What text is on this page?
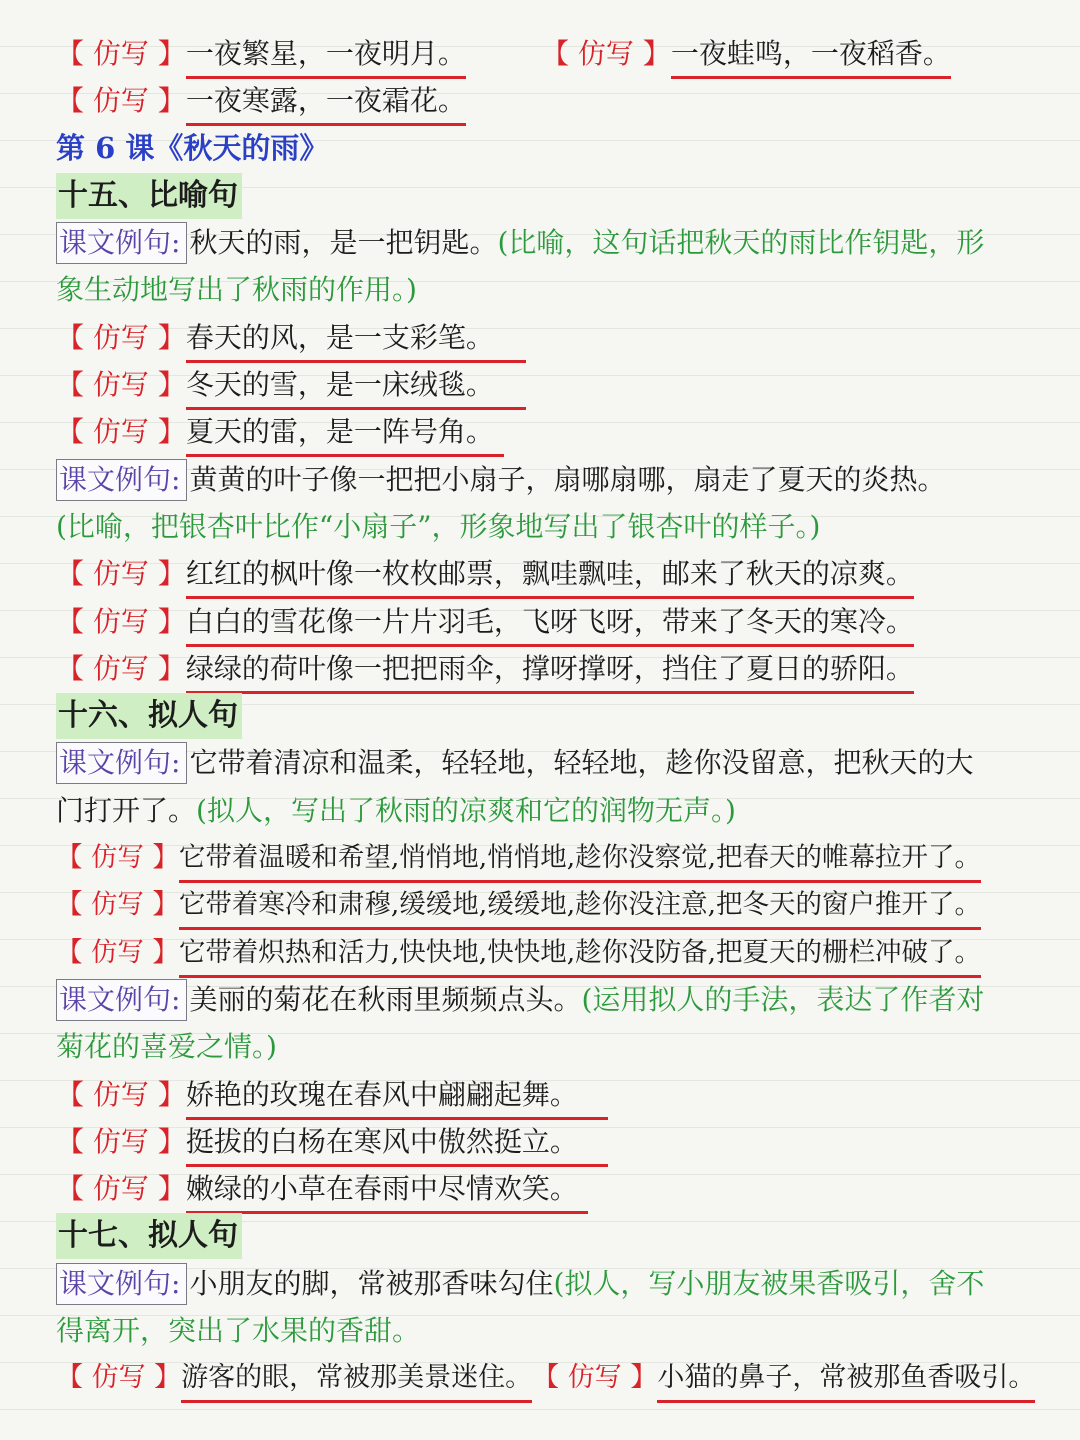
【 仿写 】一夜繁星，一夜明月。	【 仿写 】一夜蛙鸣，一夜稻香。
【 仿写 】一夜寒露，一夜霜花。
第 6 课《秋天的雨》
十五、比喻句
课文例句: 秋天的雨，是一把钥匙。(比喻，这句话把秋天的雨比作钥匙，形
象生动地写出了秋雨的作用。)
【 仿写 】春天的风，是一支彩笔。
【 仿写 】冬天的雪，是一床绒毯。
【 仿写 】夏天的雷，是一阵号角。
课文例句: 黄黄的叶子像一把把小扇子，扇哪扇哪，扇走了夏天的炎热。
(比喻，把银杏叶比作“小扇子”，形象地写出了银杏叶的样子。)
【 仿写 】红红的枫叶像一枚枚邮票，飘哇飘哇，邮来了秋天的凉爽。
【 仿写 】白白的雪花像一片片羽毛，飞呀飞呀，带来了冬天的寒冷。
【 仿写 】绿绿的荷叶像一把把雨伞，撑呀撑呀，挡住了夏日的骄阳。
十六、拟人句
课文例句: 它带着清凉和温柔，轻轻地，轻轻地，趁你没留意，把秋天的大
门打开了。(拟人，写出了秋雨的凉爽和它的润物无声。)
【 仿写 】它带着温暖和希望,悄悄地,悄悄地,趁你没察觉,把春天的帷幕拉开了。
【 仿写 】它带着寒冷和肃穆,缓缓地,缓缓地,趁你没注意,把冬天的窗户推开了。
【 仿写 】它带着炽热和活力,快快地,快快地,趁你没防备,把夏天的栅栏冲破了。
课文例句: 美丽的菊花在秋雨里频频点头。(运用拟人的手法，表达了作者对
菊花的喜爱之情。)
【 仿写 】娇艳的玫瑰在春风中翩翩起舞。
【 仿写 】挺拔的白杨在寒风中傲然挺立。
【 仿写 】嫩绿的小草在春雨中尽情欢笑。
十七、拟人句
课文例句: 小朋友的脚，常被那香味勾住(拟人，写小朋友被果香吸引，舍不
得离开，突出了水果的香甜。
【 仿写 】游客的眼，常被那美景迷住。【 仿写 】小猫的鼻子，常被那鱼香吸引。
